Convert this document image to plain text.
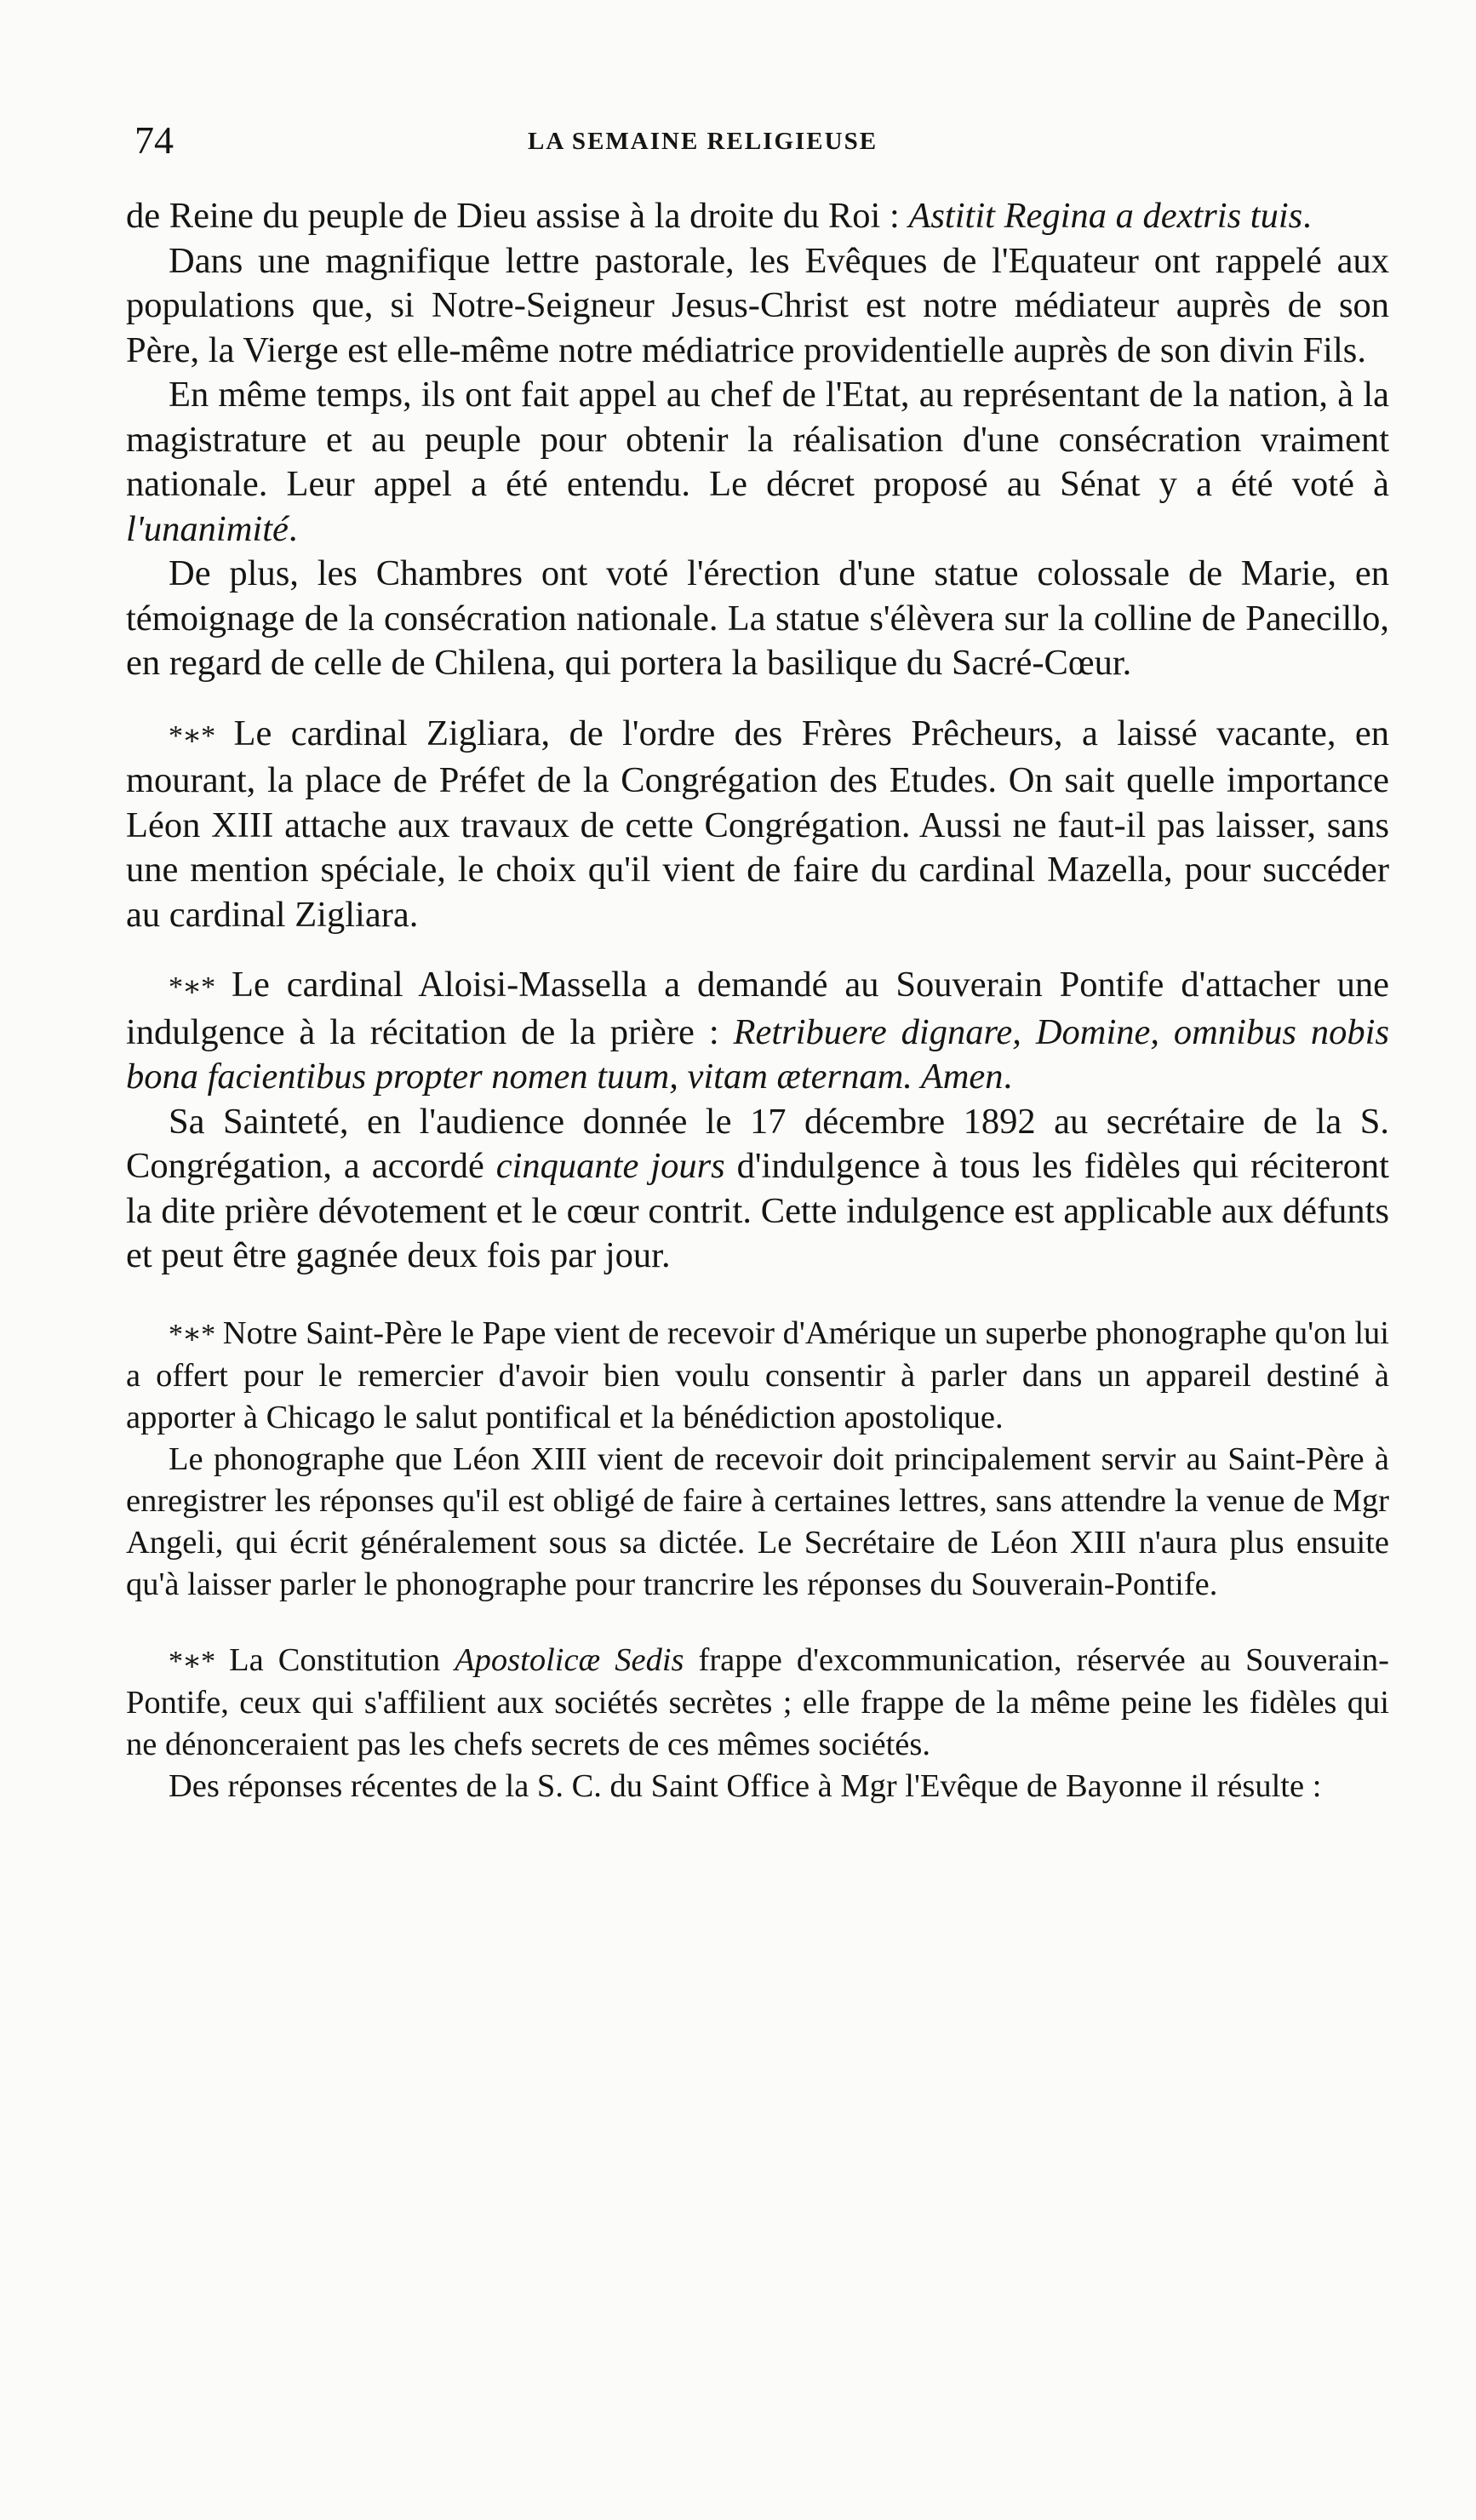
74	LA SEMAINE RELIGIEUSE

de Reine du peuple de Dieu assise à la droite du Roi : Astitit Regina a dextris tuis.

Dans une magnifique lettre pastorale, les Evêques de l'Equateur ont rappelé aux populations que, si Notre-Seigneur Jesus-Christ est notre médiateur auprès de son Père, la Vierge est elle-même notre médiatrice providentielle auprès de son divin Fils.

En même temps, ils ont fait appel au chef de l'Etat, au représentant de la nation, à la magistrature et au peuple pour obtenir la réalisation d'une consécration vraiment nationale. Leur appel a été entendu. Le décret proposé au Sénat y a été voté à l'unanimité.

De plus, les Chambres ont voté l'érection d'une statue colossale de Marie, en témoignage de la consécration nationale. La statue s'élèvera sur la colline de Panecillo, en regard de celle de Chilena, qui portera la basilique du Sacré-Cœur.

*∗* Le cardinal Zigliara, de l'ordre des Frères Prêcheurs, a laissé vacante, en mourant, la place de Préfet de la Congrégation des Etudes. On sait quelle importance Léon XIII attache aux travaux de cette Congrégation. Aussi ne faut-il pas laisser, sans une mention spéciale, le choix qu'il vient de faire du cardinal Mazella, pour succéder au cardinal Zigliara.

*∗* Le cardinal Aloisi-Massella a demandé au Souverain Pontife d'attacher une indulgence à la récitation de la prière : Retribuere dignare, Domine, omnibus nobis bona facientibus propter nomen tuum, vitam æternam. Amen.

Sa Sainteté, en l'audience donnée le 17 décembre 1892 au secrétaire de la S. Congrégation, a accordé cinquante jours d'indulgence à tous les fidèles qui réciteront la dite prière dévotement et le cœur contrit. Cette indulgence est applicable aux défunts et peut être gagnée deux fois par jour.

*∗* Notre Saint-Père le Pape vient de recevoir d'Amérique un superbe phonographe qu'on lui a offert pour le remercier d'avoir bien voulu consentir à parler dans un appareil destiné à apporter à Chicago le salut pontifical et la bénédiction apostolique.

Le phonographe que Léon XIII vient de recevoir doit principalement servir au Saint-Père à enregistrer les réponses qu'il est obligé de faire à certaines lettres, sans attendre la venue de Mgr Angeli, qui écrit généralement sous sa dictée. Le Secrétaire de Léon XIII n'aura plus ensuite qu'à laisser parler le phonographe pour trancrire les réponses du Souverain-Pontife.

*∗* La Constitution Apostolicæ Sedis frappe d'excommunication, réservée au Souverain-Pontife, ceux qui s'affilient aux sociétés secrètes ; elle frappe de la même peine les fidèles qui ne dénonceraient pas les chefs secrets de ces mêmes sociétés.

Des réponses récentes de la S. C. du Saint Office à Mgr l'Evêque de Bayonne il résulte :
